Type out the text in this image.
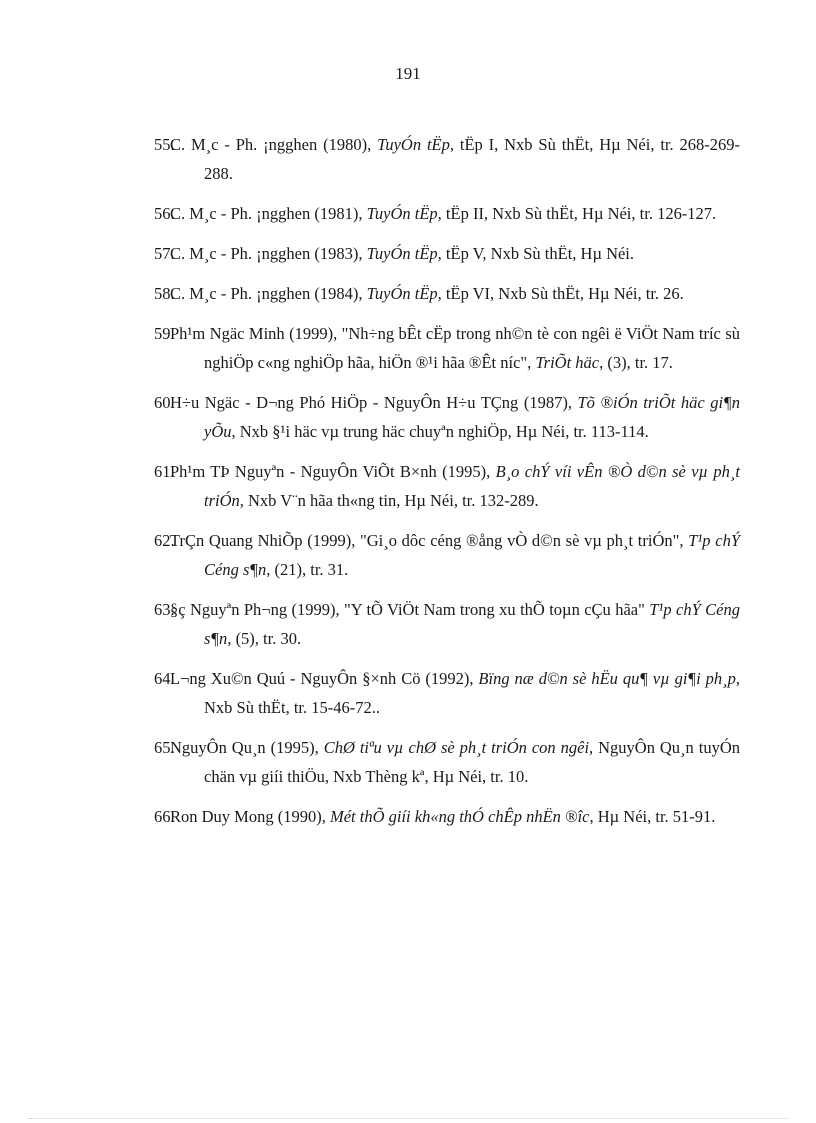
191
55.
C. M¸c - Ph. ¡ngghen (1980), TuyÓn tËp, tËp I, Nxb Sù thËt, Hµ Néi, tr. 268-269-288.
56.
C. M¸c - Ph. ¡ngghen (1981), TuyÓn tËp, tËp II, Nxb Sù thËt, Hµ Néi, tr. 126-127.
57.
C. M¸c - Ph. ¡ngghen (1983), TuyÓn tËp, tËp V, Nxb Sù thËt, Hµ Néi.
58.
C. M¸c - Ph. ¡ngghen (1984), TuyÓn tËp, tËp VI, Nxb Sù thËt, Hµ Néi, tr. 26.
59.
Ph¹m Ngäc Minh (1999), "Nh÷ng bÊt cËp trong nh©n tè con ngêi ë ViÖt Nam tríc sù nghiÖp c«ng nghiÖp hãa, hiÖn ®¹i hãa ®Êt níc", TriÕt häc, (3), tr. 17.
60.
H÷u Ngäc - D¬ng Phó HiÖp - NguyÔn H÷u TÇng (1987), Tõ ®iÓn triÕt häc gi¶n yÕu, Nxb §¹i häc vµ trung häc chuyªn nghiÖp, Hµ Néi, tr. 113-114.
61.
Ph¹m TÞ Nguyªn - NguyÔn ViÕt B×nh (1995), B¸o chÝ víi vÊn ®Ò d©n sè vµ ph¸t triÓn, Nxb V¨n hãa th«ng tin, Hµ Néi, tr. 132-289.
62.
TrÇn Quang NhiÕp (1999), "Gi¸o dôc céng ®ång vÒ d©n sè vµ ph¸t triÓn", T¹p chÝ Céng s¶n, (21), tr. 31.
63.
§ç Nguyªn Ph¬ng (1999), "Y tÕ ViÖt Nam trong xu thÕ toµn cÇu hãa" T¹p chÝ Céng s¶n, (5), tr. 30.
64.
L¬ng Xu©n Quú - NguyÔn §×nh Cö (1992), Bïng næ d©n sè hËu qu¶ vµ gi¶i ph¸p, Nxb Sù thËt, tr. 15-46-72..
65.
NguyÔn Qu¸n (1995), ChØ tiªu vµ chØ sè ph¸t triÓn con ngêi, NguyÔn Qu¸n tuyÓn chän vµ giíi thiÖu, Nxb Thèng kª, Hµ Néi, tr. 10.
66.
Ron Duy Mong (1990), Mét thÕ giíi kh«ng thÓ chÊp nhËn ®îc, Hµ Néi, tr. 51-91.
